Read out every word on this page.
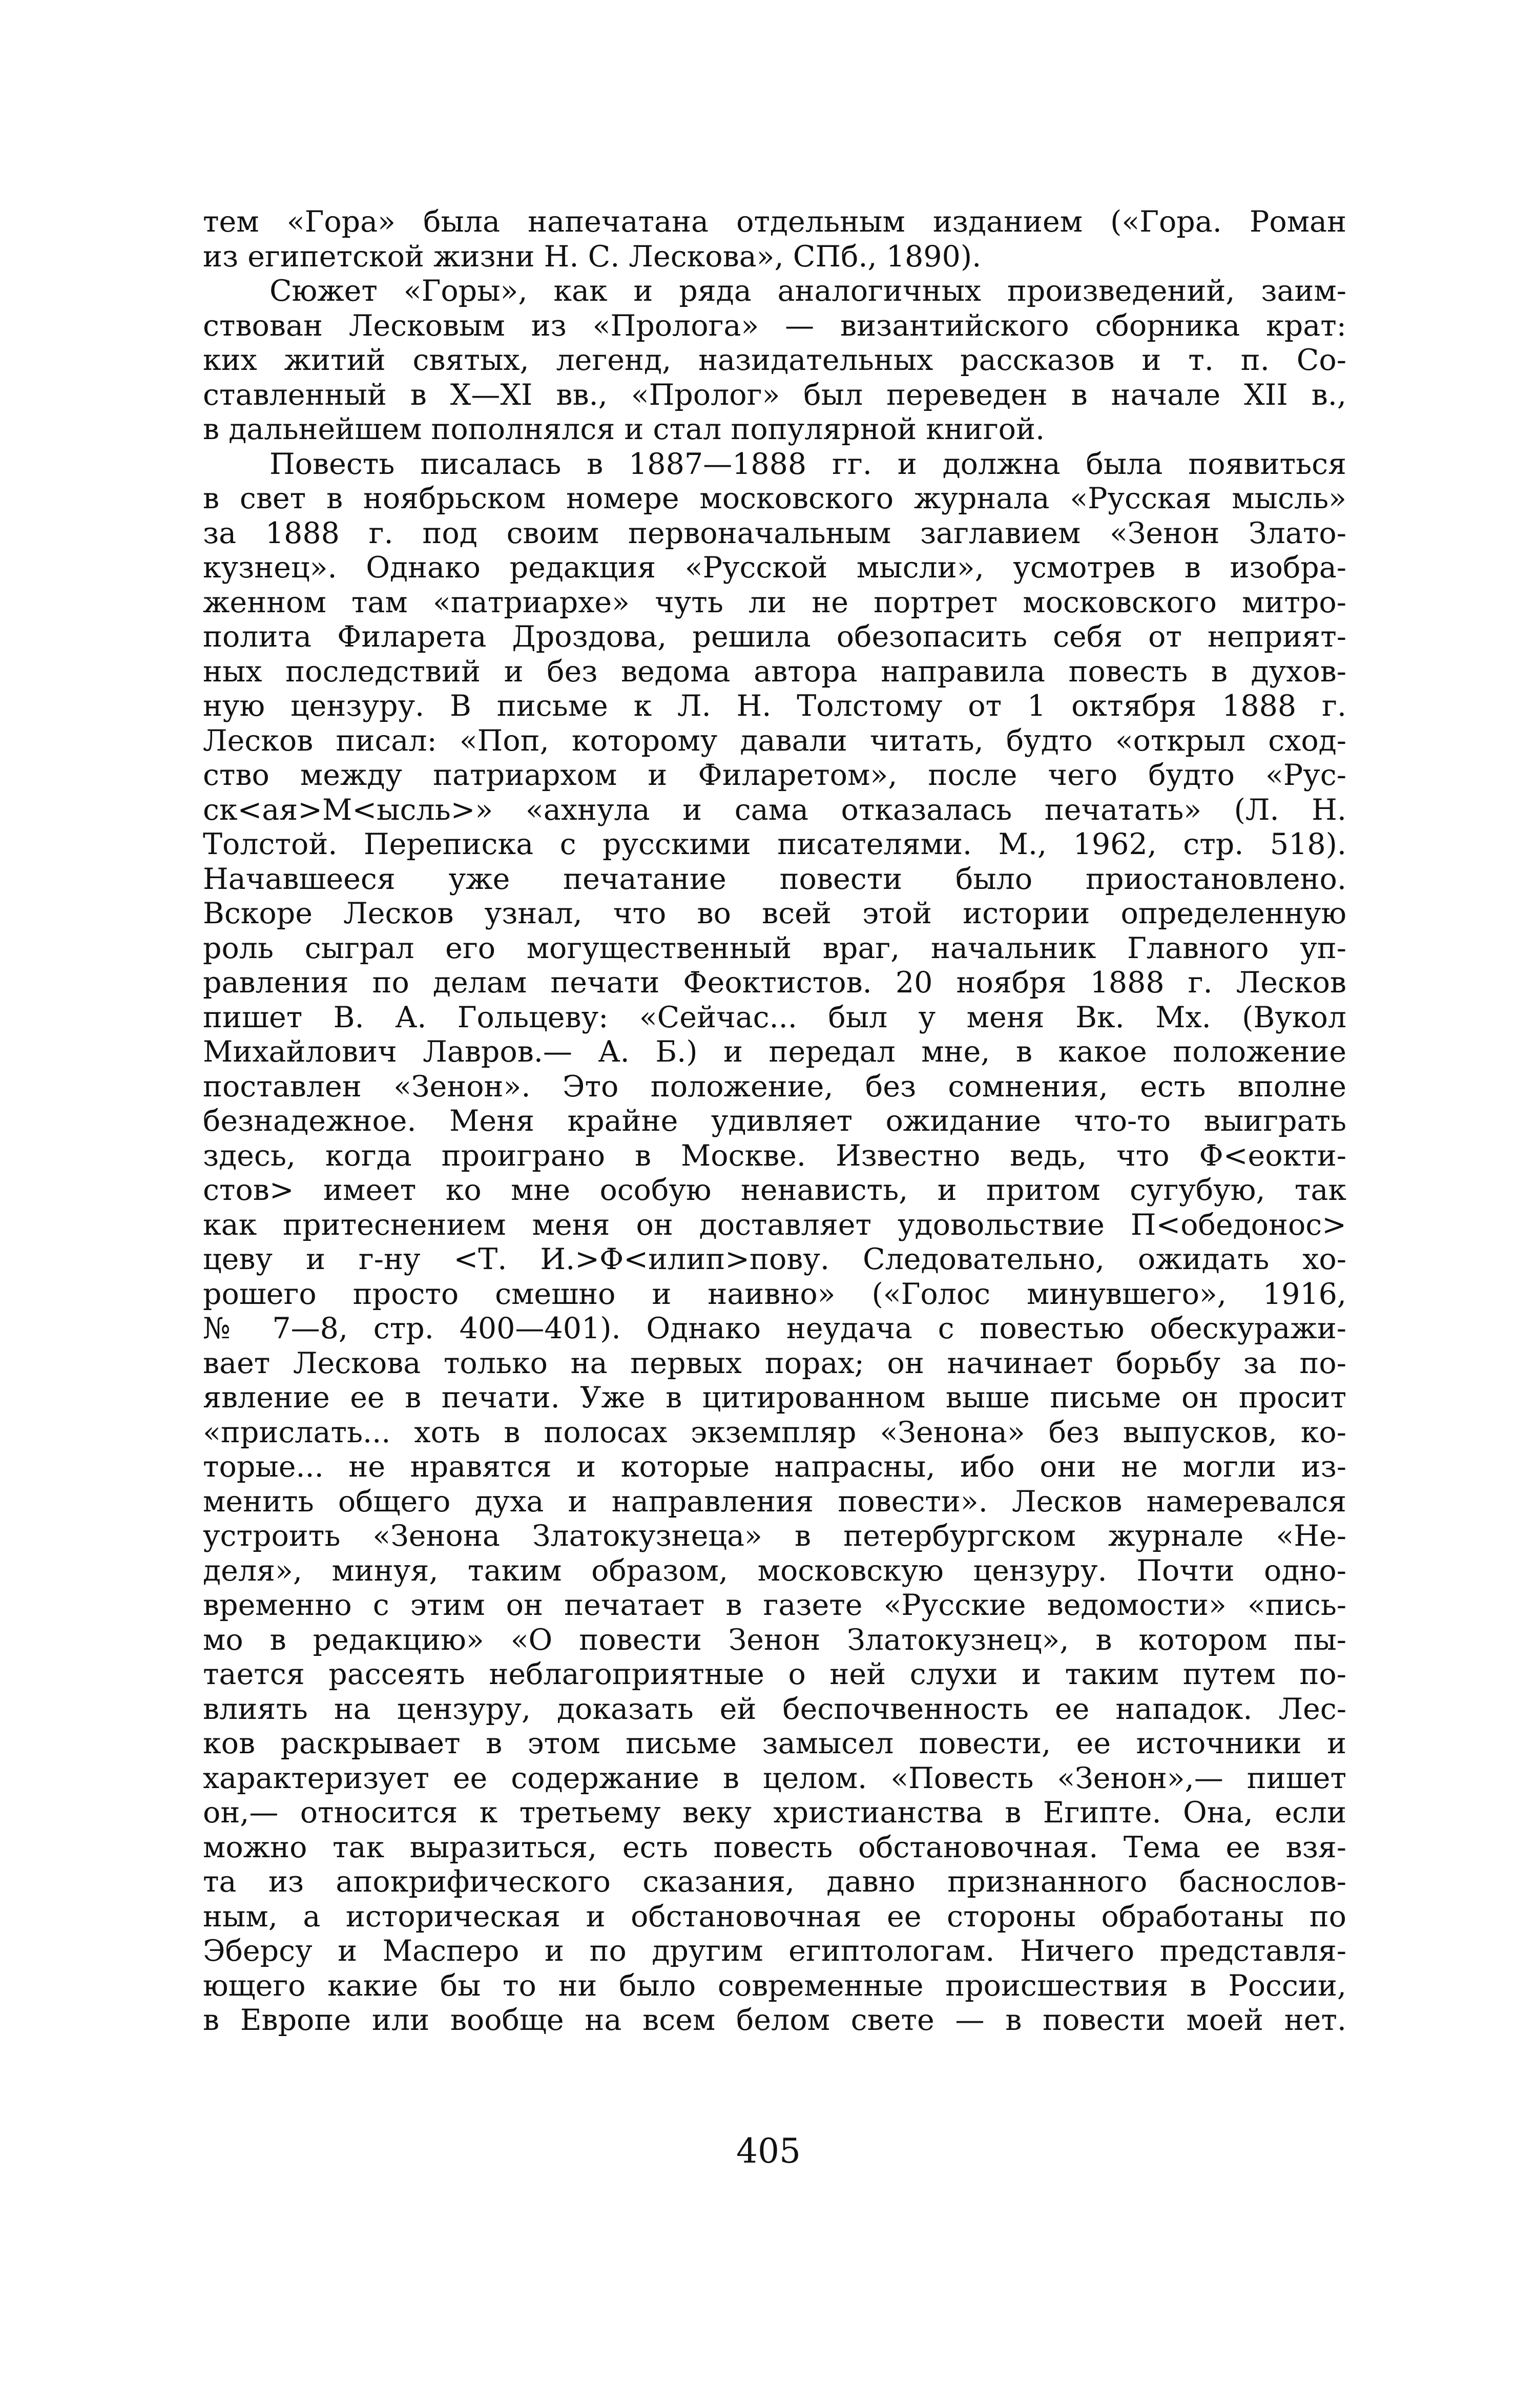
тем «Гора» была напечатана отдельным изданием («Гора. Роман
из египетской жизни Н. С. Лескова», СПб., 1890).
Сюжет «Горы», как и ряда аналогичных произведений, заим-
ствован Лесковым из «Пролога» — византийского сборника крат:
ких житий святых, легенд, назидательных рассказов и т. п. Со-
ставленный в X—XI вв., «Пролог» был переведен в начале XII в.,
в дальнейшем пополнялся и стал популярной книгой.
Повесть писалась в 1887—1888 гг. и должна была появиться
в свет в ноябрьском номере московского журнала «Русская мысль»
за 1888 г. под своим первоначальным заглавием «Зенон Злато-
кузнец». Однако редакция «Русской мысли», усмотрев в изобра-
женном там «патриархе» чуть ли не портрет московского митро-
полита Филарета Дроздова, решила обезопасить себя от неприят-
ных последствий и без ведома автора направила повесть в духов-
ную цензуру. В письме к Л. Н. Толстому от 1 октября 1888 г.
Лесков писал: «Поп, которому давали читать, будто «открыл сход-
ство между патриархом и Филаретом», после чего будто «Рус-
ск<ая>М<ысль>» «ахнула и сама отказалась печатать» (Л. Н.
Толстой. Переписка с русскими писателями. М., 1962, стр. 518).
Начавшееся уже печатание повести было приостановлено.
Вскоре Лесков узнал, что во всей этой истории определенную
роль сыграл его могущественный враг, начальник Главного уп-
равления по делам печати Феоктистов. 20 ноября 1888 г. Лесков
пишет В. А. Гольцеву: «Сейчас... был у меня Вк. Мх. (Вукол
Михайлович Лавров.— А. Б.) и передал мне, в какое положение
поставлен «Зенон». Это положение, без сомнения, есть вполне
безнадежное. Меня крайне удивляет ожидание что-то выиграть
здесь, когда проиграно в Москве. Известно ведь, что Ф<еокти-
стов> имеет ко мне особую ненависть, и притом сугубую, так
как притеснением меня он доставляет удовольствие П<обедонос>
цеву и г-ну <Т. И.>Ф<илип>пову. Следовательно, ожидать хо-
рошего просто смешно и наивно» («Голос минувшего», 1916,
№ 7—8, стр. 400—401). Однако неудача с повестью обескуражи-
вает Лескова только на первых порах; он начинает борьбу за по-
явление ее в печати. Уже в цитированном выше письме он просит
«прислать... хоть в полосах экземпляр «Зенона» без выпусков, ко-
торые... не нравятся и которые напрасны, ибо они не могли из-
менить общего духа и направления повести». Лесков намеревался
устроить «Зенона Златокузнеца» в петербургском журнале «Не-
деля», минуя, таким образом, московскую цензуру. Почти одно-
временно с этим он печатает в газете «Русские ведомости» «пись-
мо в редакцию» «О повести Зенон Златокузнец», в котором пы-
тается рассеять неблагоприятные о ней слухи и таким путем по-
влиять на цензуру, доказать ей беспочвенность ее нападок. Лес-
ков раскрывает в этом письме замысел повести, ее источники и
характеризует ее содержание в целом. «Повесть «Зенон»,— пишет
он,— относится к третьему веку христианства в Египте. Она, если
можно так выразиться, есть повесть обстановочная. Тема ее взя-
та из апокрифического сказания, давно признанного баснослов-
ным, а историческая и обстановочная ее стороны обработаны по
Эберсу и Масперо и по другим египтологам. Ничего представля-
ющего какие бы то ни было современные происшествия в России,
в Европе или вообще на всем белом свете — в повести моей нет.
405
